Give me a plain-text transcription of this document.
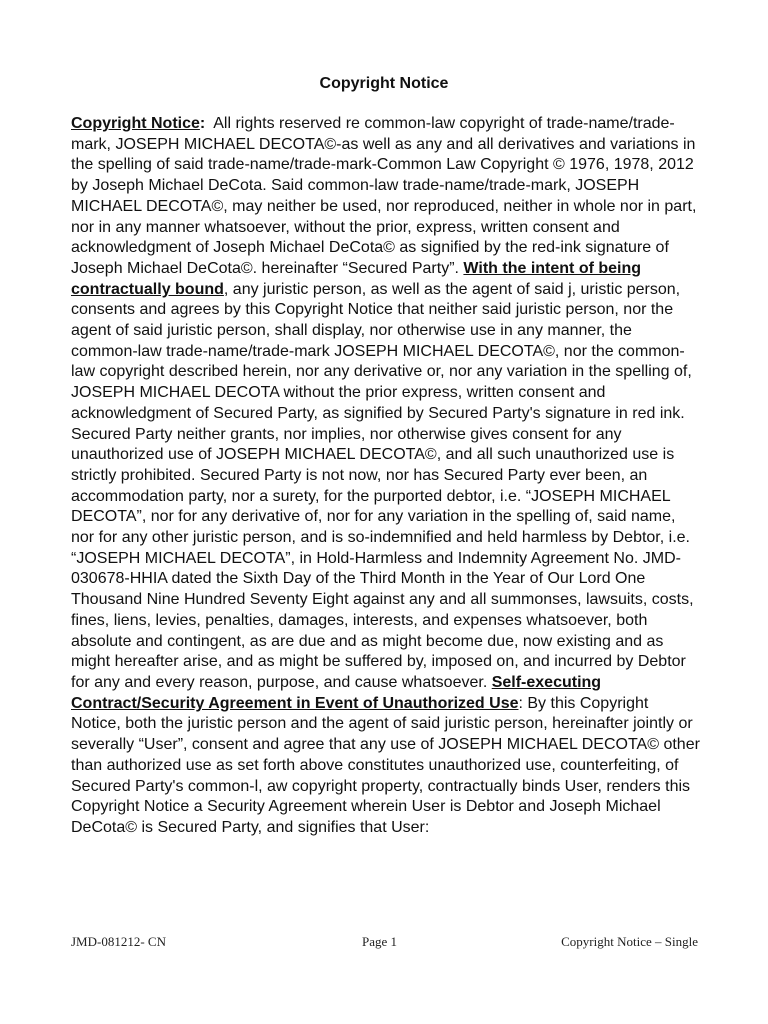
Copyright Notice

Copyright Notice:  All rights reserved re common-law copyright of trade-name/trade-mark, JOSEPH MICHAEL DECOTA©-as well as any and all derivatives and variations in the spelling of said trade-name/trade-mark-Common Law Copyright © 1976, 1978, 2012 by Joseph Michael DeCota. Said common-law trade-name/trade-mark, JOSEPH MICHAEL DECOTA©, may neither be used, nor reproduced, neither in whole nor in part, nor in any manner whatsoever, without the prior, express, written consent and acknowledgment of Joseph Michael DeCota© as signified by the red-ink signature of Joseph Michael DeCota©. hereinafter “Secured Party”. With the intent of being contractually bound, any juristic person, as well as the agent of said j, uristic person, consents and agrees by this Copyright Notice that neither said juristic person, nor the agent of said juristic person, shall display, nor otherwise use in any manner, the common-law trade-name/trade-mark JOSEPH MICHAEL DECOTA©, nor the common-law copyright described herein, nor any derivative or, nor any variation in the spelling of, JOSEPH MICHAEL DECOTA without the prior express, written consent and acknowledgment of Secured Party, as signified by Secured Party's signature in red ink. Secured Party neither grants, nor implies, nor otherwise gives consent for any unauthorized use of JOSEPH MICHAEL DECOTA©, and all such unauthorized use is strictly prohibited. Secured Party is not now, nor has Secured Party ever been, an accommodation party, nor a surety, for the purported debtor, i.e. “JOSEPH MICHAEL DECOTA”, nor for any derivative of, nor for any variation in the spelling of, said name, nor for any other juristic person, and is so-indemnified and held harmless by Debtor, i.e. “JOSEPH MICHAEL DECOTA”, in Hold-Harmless and Indemnity Agreement No. JMD-030678-HHIA dated the Sixth Day of the Third Month in the Year of Our Lord One Thousand Nine Hundred Seventy Eight against any and all summonses, lawsuits, costs, fines, liens, levies, penalties, damages, interests, and expenses whatsoever, both absolute and contingent, as are due and as might become due, now existing and as might hereafter arise, and as might be suffered by, imposed on, and incurred by Debtor for any and every reason, purpose, and cause whatsoever. Self-executing Contract/Security Agreement in Event of Unauthorized Use: By this Copyright Notice, both the juristic person and the agent of said juristic person, hereinafter jointly or severally “User”, consent and agree that any use of JOSEPH MICHAEL DECOTA© other than authorized use as set forth above constitutes unauthorized use, counterfeiting, of Secured Party's common-l, aw copyright property, contractually binds User, renders this Copyright Notice a Security Agreement wherein User is Debtor and Joseph Michael DeCota© is Secured Party, and signifies that User:

JMD-081212- CN	Page 1	Copyright Notice – Single
